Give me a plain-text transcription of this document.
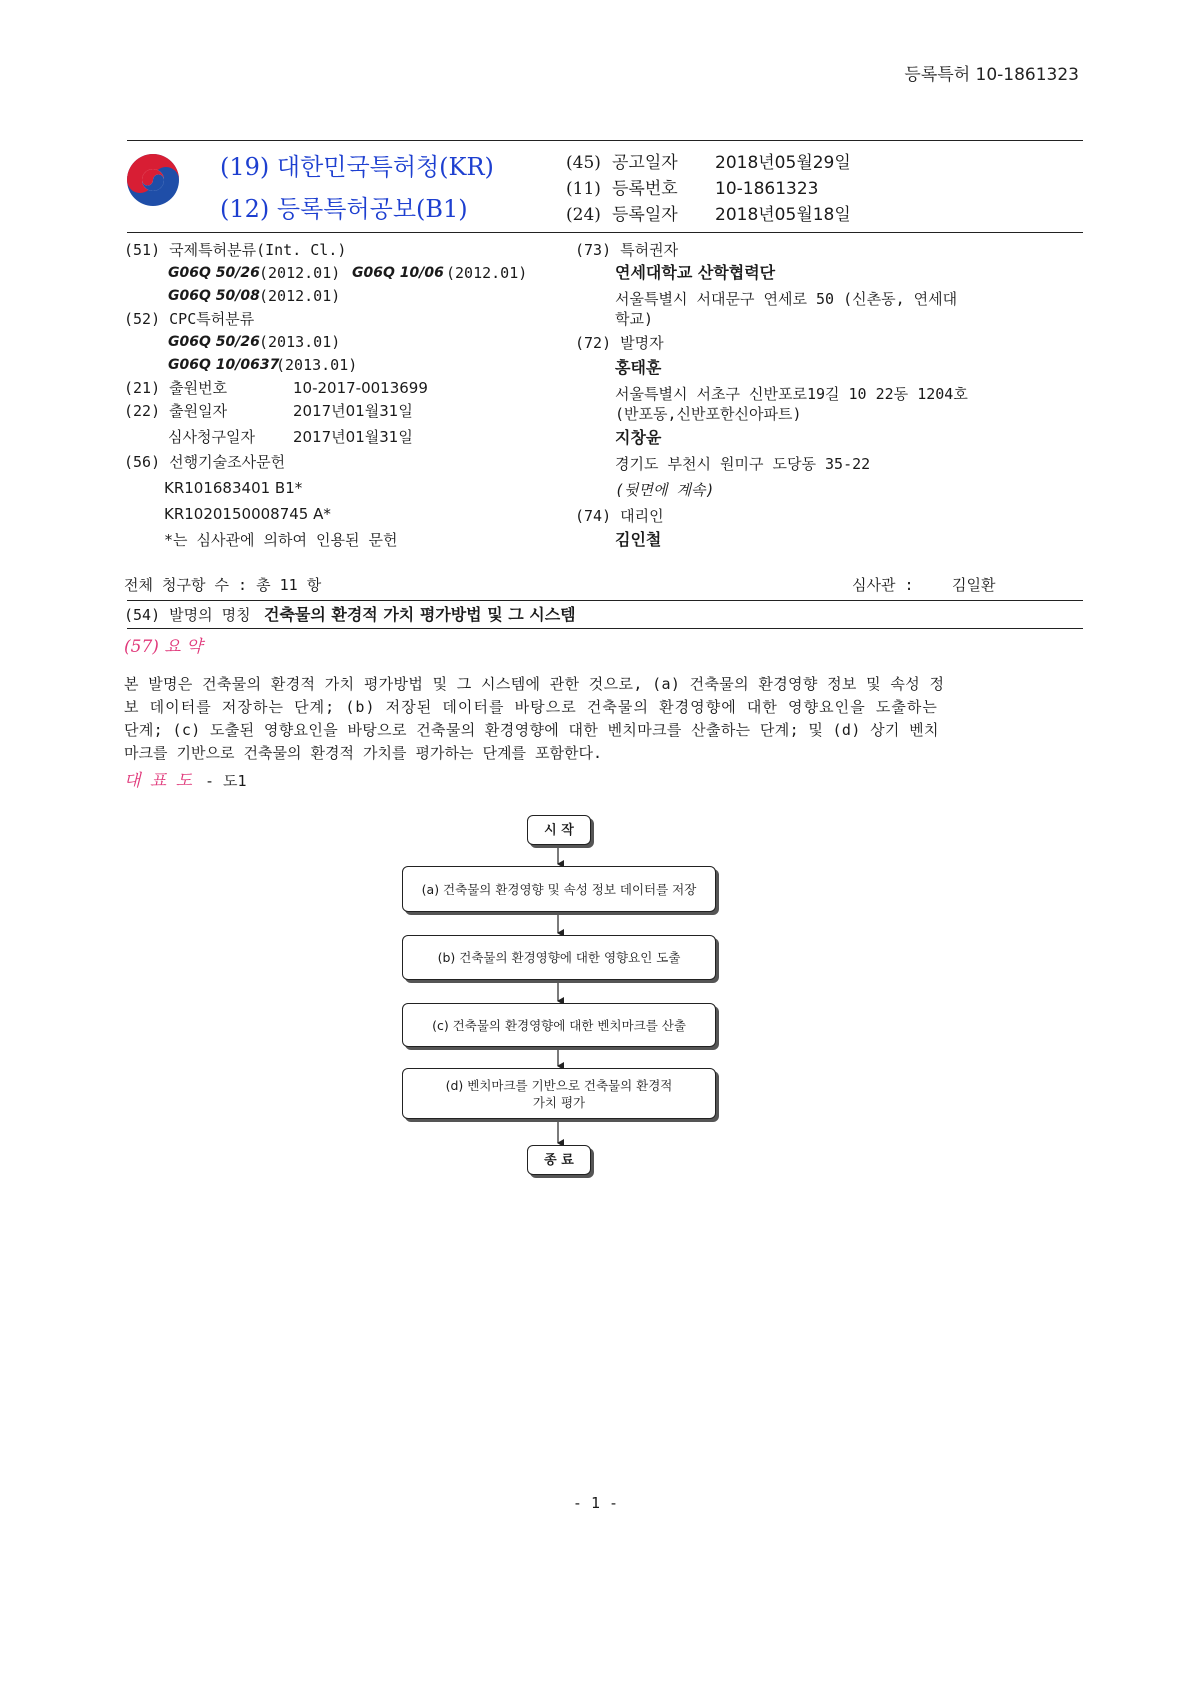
등록특허 10-1861323
(19) 대한민국특허청(KR)
(12) 등록특허공보(B1)
(45) 공고일자 2018년05월29일
(11) 등록번호 10-1861323
(24) 등록일자 2018년05월18일
(51) 국제특허분류(Int. Cl.)
G06Q 50/26 (2012.01) G06Q 10/06 (2012.01)
G06Q 50/08 (2012.01)
(52) CPC특허분류
G06Q 50/26 (2013.01)
G06Q 10/0637
(2013.01)
(21) 출원번호	10-2017-0013699
(22) 출원일자	2017년01월31일
심사청구일자	2017년01월31일
(56) 선행기술조사문헌
KR101683401 B1*
KR1020150008745 A*
*는 심사관에 의하여 인용된 문헌
(73) 특허권자
연세대학교 산학협력단
서울특별시 서대문구 연세로 50 (신촌동, 연세대
학교)
(72) 발명자
홍태훈
서울특별시 서초구 신반포로19길 10 22동 1204호
(반포동,신반포한신아파트)
지창윤
경기도 부천시 원미구 도당동 35-22
(뒷면에 계속)
(74) 대리인
김인철
전체 청구항 수 : 총 11 항	심사관 :	김일환
(54) 발명의 명칭 건축물의 환경적 가치 평가방법 및 그 시스템
(57) 요 약
본 발명은 건축물의 환경적 가치 평가방법 및 그 시스템에 관한 것으로, (a) 건축물의 환경영향 정보 및 속성 정
보 데이터를 저장하는 단계; (b) 저장된 데이터를 바탕으로 건축물의 환경영향에 대한 영향요인을 도출하는
단계; (c) 도출된 영향요인을 바탕으로 건축물의 환경영향에 대한 벤치마크를 산출하는 단계; 및 (d) 상기 벤치
마크를 기반으로 건축물의 환경적 가치를 평가하는 단계를 포함한다.
대 표 도 - 도1
시 작
(a) 건축물의 환경영향 및 속성 정보 데이터를 저장
(b) 건축물의 환경영향에 대한 영향요인 도출
(c) 건축물의 환경영향에 대한 벤치마크를 산출
(d) 벤치마크를 기반으로 건축물의 환경적
가치 평가
종 료
- 1 -
